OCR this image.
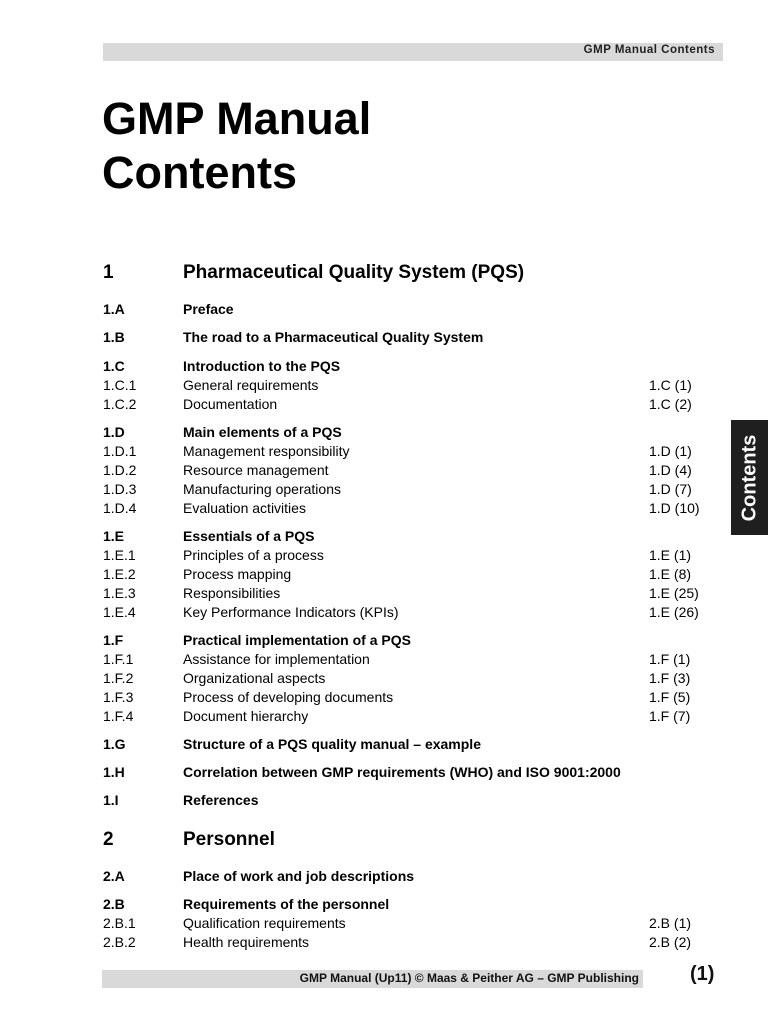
GMP Manual Contents
GMP Manual
Contents
1	Pharmaceutical Quality System (PQS)
1.A	Preface
1.B	The road to a Pharmaceutical Quality System
1.C	Introduction to the PQS
1.C.1	General requirements	1.C (1)
1.C.2	Documentation	1.C (2)
1.D	Main elements of a PQS
1.D.1	Management responsibility	1.D (1)
1.D.2	Resource management	1.D (4)
1.D.3	Manufacturing operations	1.D (7)
1.D.4	Evaluation activities	1.D (10)
1.E	Essentials of a PQS
1.E.1	Principles of a process	1.E (1)
1.E.2	Process mapping	1.E (8)
1.E.3	Responsibilities	1.E (25)
1.E.4	Key Performance Indicators (KPIs)	1.E (26)
1.F	Practical implementation of a PQS
1.F.1	Assistance for implementation	1.F (1)
1.F.2	Organizational aspects	1.F (3)
1.F.3	Process of developing documents	1.F (5)
1.F.4	Document hierarchy	1.F (7)
1.G	Structure of a PQS quality manual – example
1.H	Correlation between GMP requirements (WHO) and ISO 9001:2000
1.I	References
2	Personnel
2.A	Place of work and job descriptions
2.B	Requirements of the personnel
2.B.1	Qualification requirements	2.B (1)
2.B.2	Health requirements	2.B (2)
Contents
GMP Manual (Up11) © Maas & Peither AG – GMP Publishing	(1)
